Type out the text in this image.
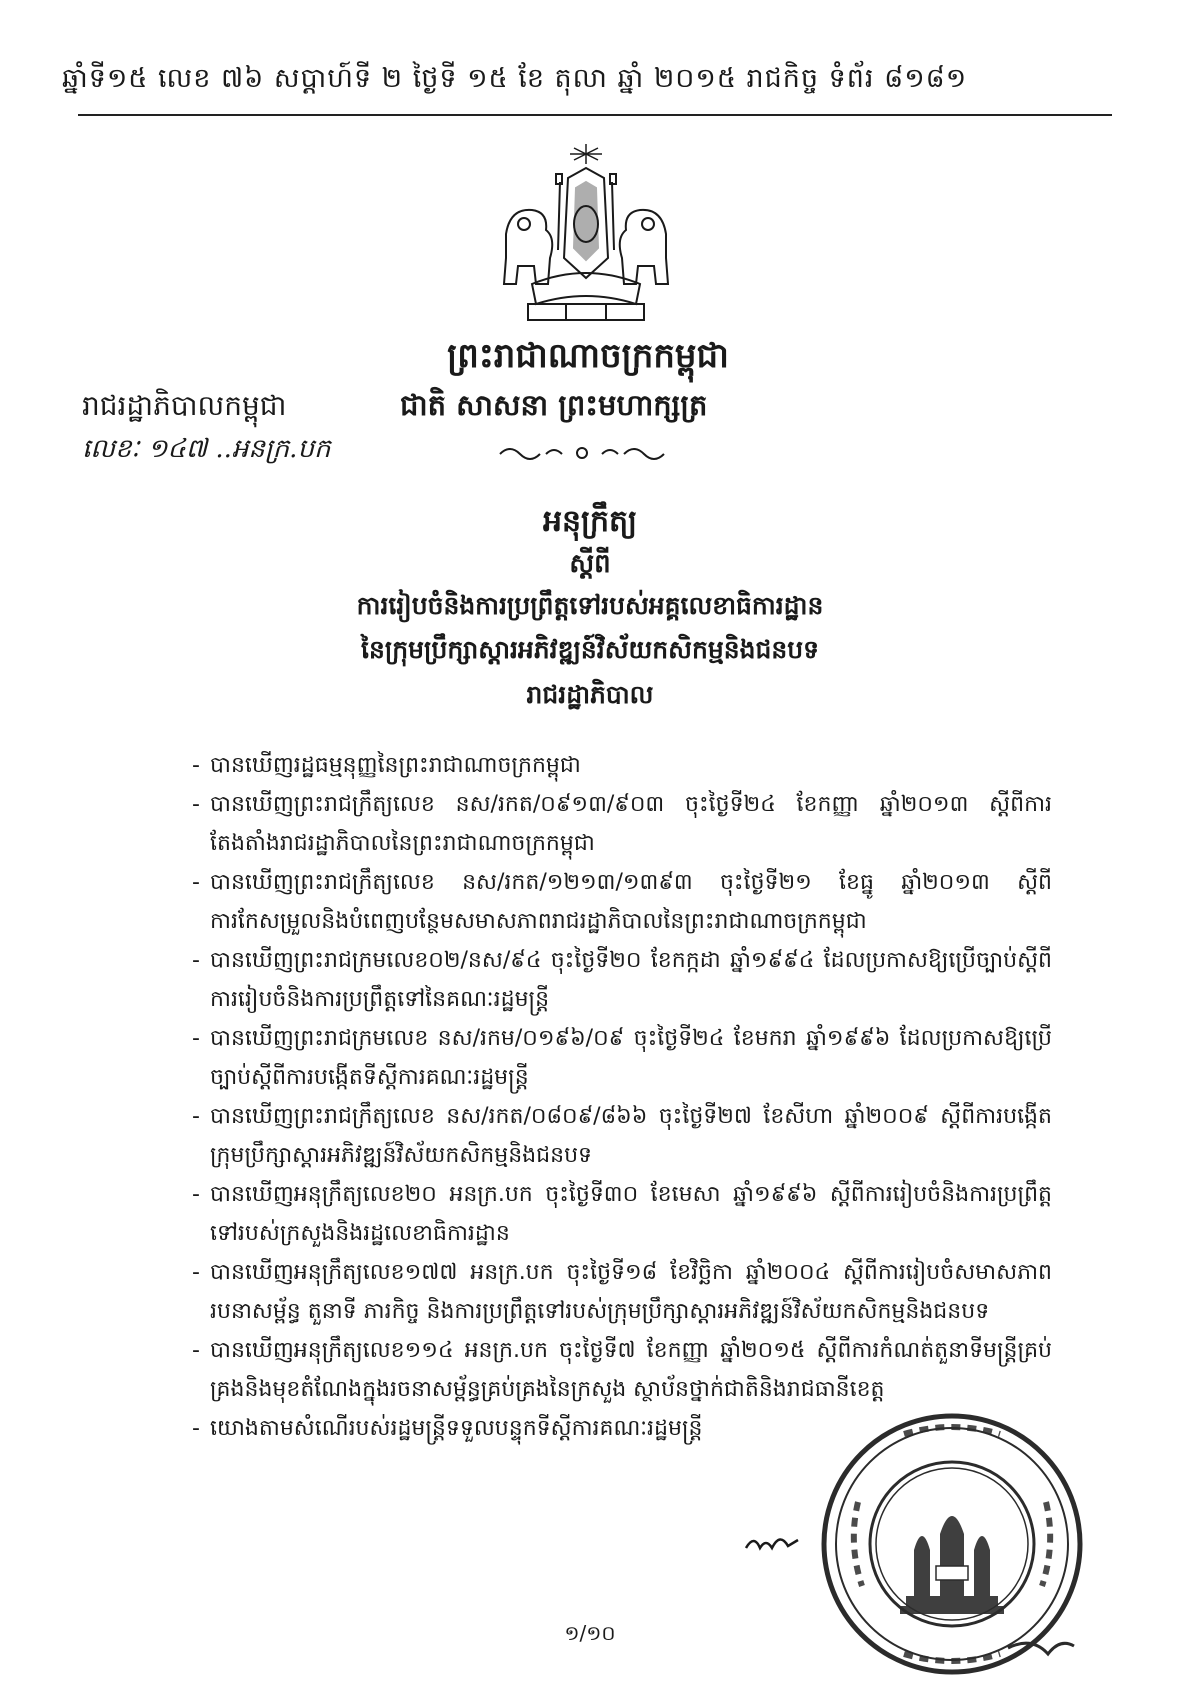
ឆ្នាំទី១៥ លេខ ៧៦ សប្តាហ៍ទី ២ ថ្ងៃទី ១៥ ខែ តុលា ឆ្នាំ ២០១៥ រាជកិច្ច ទំព័រ ៨១៨១
ព្រះរាជាណាចក្រកម្ពុជា
ជាតិ សាសនា ព្រះមហាក្សត្រ
រាជរដ្ឋាភិបាលកម្ពុជា
លេខៈ ១៤៧ ..អនក្រ.បក
អនុក្រឹត្យ
ស្តីពី
ការរៀបចំនិងការប្រព្រឹត្តទៅរបស់អគ្គលេខាធិការដ្ឋាន
នៃក្រុមប្រឹក្សាស្តារអភិវឌ្ឍន៍វិស័យកសិកម្មនិងជនបទ
រាជរដ្ឋាភិបាល
- បានឃើញរដ្ឋធម្មនុញ្ញនៃព្រះរាជាណាចក្រកម្ពុជា
- បានឃើញព្រះរាជក្រឹត្យលេខ នស/រកត/០៩១៣/៩០៣ ចុះថ្ងៃទី២៤ ខែកញ្ញា ឆ្នាំ២០១៣ ស្តីពីការតែងតាំងរាជរដ្ឋាភិបាលនៃព្រះរាជាណាចក្រកម្ពុជា
- បានឃើញព្រះរាជក្រឹត្យលេខ នស/រកត/១២១៣/១៣៩៣ ចុះថ្ងៃទី២១ ខែធ្នូ ឆ្នាំ២០១៣ ស្តីពីការកែសម្រួលនិងបំពេញបន្ថែមសមាសភាពរាជរដ្ឋាភិបាលនៃព្រះរាជាណាចក្រកម្ពុជា
- បានឃើញព្រះរាជក្រមលេខ០២/នស/៩៤ ចុះថ្ងៃទី២០ ខែកក្កដា ឆ្នាំ១៩៩៤ ដែលប្រកាសឱ្យប្រើច្បាប់ស្តីពីការរៀបចំនិងការប្រព្រឹត្តទៅនៃគណៈរដ្ឋមន្ត្រី
- បានឃើញព្រះរាជក្រមលេខ នស/រកម/០១៩៦/០៩ ចុះថ្ងៃទី២៤ ខែមករា ឆ្នាំ១៩៩៦ ដែលប្រកាសឱ្យប្រើច្បាប់ស្តីពីការបង្កើតទីស្តីការគណៈរដ្ឋមន្ត្រី
- បានឃើញព្រះរាជក្រឹត្យលេខ នស/រកត/០៨០៩/៨៦៦ ចុះថ្ងៃទី២៧ ខែសីហា ឆ្នាំ២០០៩ ស្តីពីការបង្កើតក្រុមប្រឹក្សាស្តារអភិវឌ្ឍន៍វិស័យកសិកម្មនិងជនបទ
- បានឃើញអនុក្រឹត្យលេខ២០ អនក្រ.បក ចុះថ្ងៃទី៣០ ខែមេសា ឆ្នាំ១៩៩៦ ស្តីពីការរៀបចំនិងការប្រព្រឹត្តទៅរបស់ក្រសួងនិងរដ្ឋលេខាធិការដ្ឋាន
- បានឃើញអនុក្រឹត្យលេខ១៧៧ អនក្រ.បក ចុះថ្ងៃទី១៨ ខែវិច្ឆិកា ឆ្នាំ២០០៤ ស្តីពីការរៀបចំសមាសភាព របនាសម្ព័ន្ធ តួនាទី ភារកិច្ច និងការប្រព្រឹត្តទៅរបស់ក្រុមប្រឹក្សាស្តារអភិវឌ្ឍន៍វិស័យកសិកម្មនិងជនបទ
- បានឃើញអនុក្រឹត្យលេខ១១៤ អនក្រ.បក ចុះថ្ងៃទី៧ ខែកញ្ញា ឆ្នាំ២០១៥ ស្តីពីការកំណត់តួនាទីមន្ត្រីគ្រប់គ្រងនិងមុខតំណែងក្នុងរចនាសម្ព័ន្ធគ្រប់គ្រងនៃក្រសួង ស្ថាប័នថ្នាក់ជាតិនិងរាជធានីខេត្ត
- យោងតាមសំណើរបស់រដ្ឋមន្ត្រីទទួលបន្ទុកទីស្តីការគណៈរដ្ឋមន្ត្រី
១/១០
